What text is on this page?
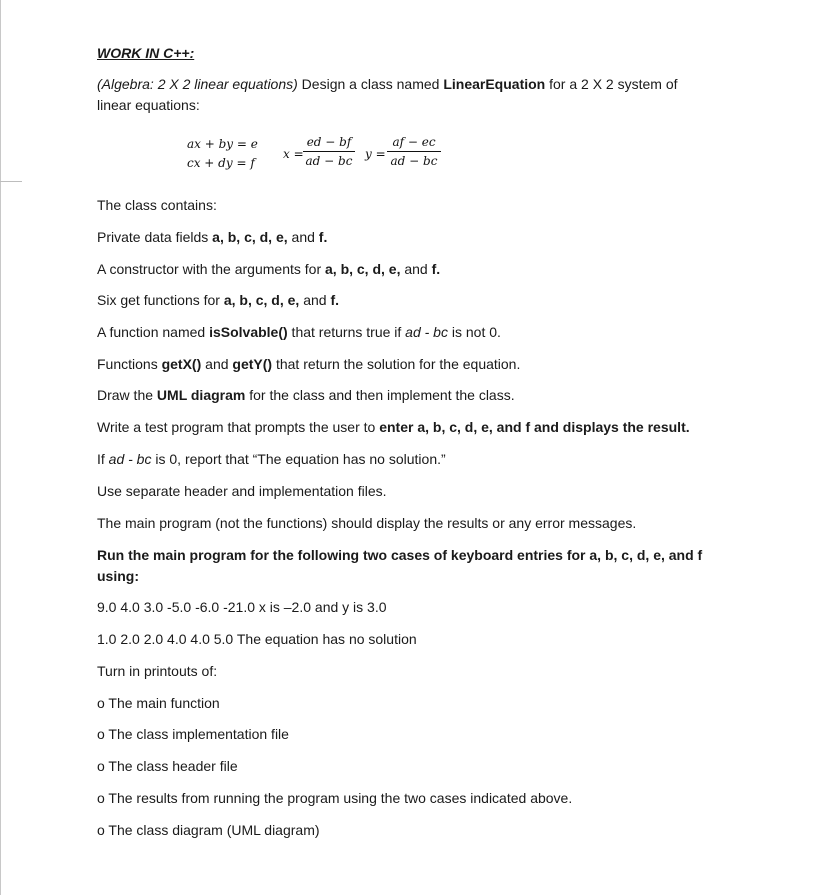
WORK IN C++:
(Algebra: 2 X 2 linear equations) Design a class named LinearEquation for a 2 X 2 system of linear equations:
ax + by = e
cx + dy = f
x =
ed − bf
ad − bc y =
af − ec
ad − bc
The class contains:
Private data fields a, b, c, d, e, and f.
A constructor with the arguments for a, b, c, d, e, and f.
Six get functions for a, b, c, d, e, and f.
A function named isSolvable() that returns true if ad - bc is not 0.
Functions getX() and getY() that return the solution for the equation.
Draw the UML diagram for the class and then implement the class.
Write a test program that prompts the user to enter a, b, c, d, e, and f and displays the result.
If ad - bc is 0, report that “The equation has no solution.”
Use separate header and implementation files.
The main program (not the functions) should display the results or any error messages.
Run the main program for the following two cases of keyboard entries for a, b, c, d, e, and f
using:
9.0 4.0 3.0 -5.0 -6.0 -21.0 x is –2.0 and y is 3.0
1.0 2.0 2.0 4.0 4.0 5.0 The equation has no solution
Turn in printouts of:
o The main function
o The class implementation file
o The class header file
o The results from running the program using the two cases indicated above.
o The class diagram (UML diagram)
